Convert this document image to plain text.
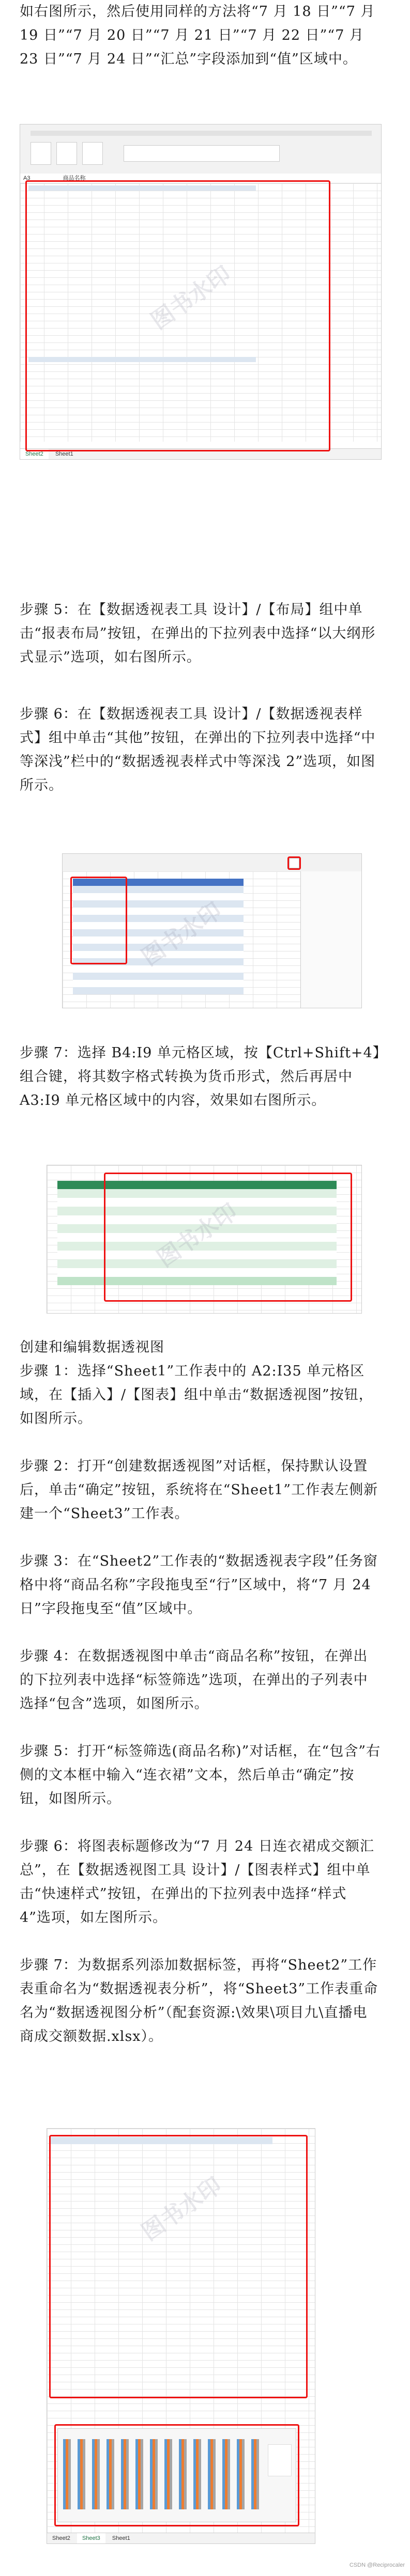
如右图所示，然后使用同样的方法将“7 月 18 日”“7 月 19 日”“7 月 20 日”“7 月 21 日”“7 月 22 日”“7 月 23 日”“7 月 24 日”“汇总”字段添加到“值”区域中。

A3	商品名称
Sheet2 Sheet1
图书水印

步骤 5：在【数据透视表工具 设计】/【布局】组中单击“报表布局”按钮，在弹出的下拉列表中选择“以大纲形式显示”选项，如右图所示。

步骤 6：在【数据透视表工具 设计】/【数据透视表样式】组中单击“其他”按钮，在弹出的下拉列表中选择“中等深浅”栏中的“数据透视表样式中等深浅 2”选项，如图所示。

图书水印

步骤 7：选择 B4:I9 单元格区域，按【Ctrl+Shift+4】组合键，将其数字格式转换为货币形式，然后再居中 A3:I9 单元格区域中的内容，效果如右图所示。

图书水印

创建和编辑数据透视图

步骤 1：选择“Sheet1”工作表中的 A2:I35 单元格区域，在【插入】/【图表】组中单击“数据透视图”按钮，如图所示。

步骤 2：打开“创建数据透视图”对话框，保持默认设置后，单击“确定”按钮，系统将在“Sheet1”工作表左侧新建一个“Sheet3”工作表。

步骤 3：在“Sheet2”工作表的“数据透视表字段”任务窗格中将“商品名称”字段拖曳至“行”区域中，将“7 月 24 日”字段拖曳至“值”区域中。

步骤 4：在数据透视图中单击“商品名称”按钮，在弹出的下拉列表中选择“标签筛选”选项，在弹出的子列表中选择“包含”选项，如图所示。

步骤 5：打开“标签筛选(商品名称)”对话框，在“包含”右侧的文本框中输入“连衣裙”文本，然后单击“确定”按钮，如图所示。

步骤 6：将图表标题修改为“7 月 24 日连衣裙成交额汇总”，在【数据透视图工具 设计】/【图表样式】组中单击“快速样式”按钮，在弹出的下拉列表中选择“样式 4”选项，如左图所示。

步骤 7：为数据系列添加数据标签，再将“Sheet2”工作表重命名为“数据透视表分析”，将“Sheet3”工作表重命名为“数据透视图分析”（配套资源:\效果\项目九\直播电商成交额数据.xlsx）。

Sheet2 Sheet3 Sheet1
图书水印
CSDN @Reciprocaler
